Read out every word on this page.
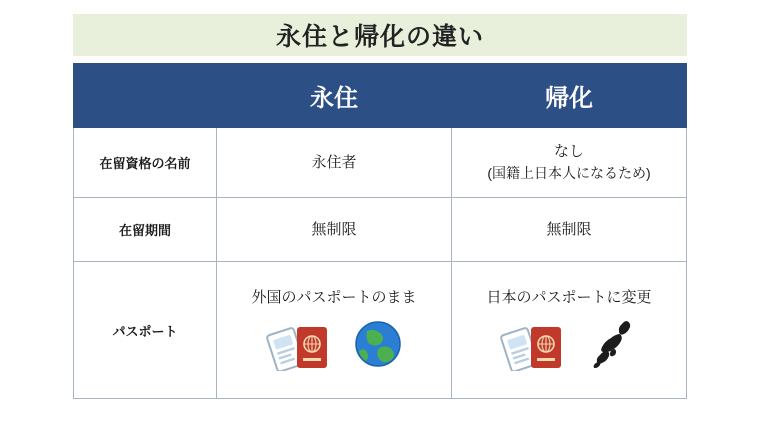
永住と帰化の違い
	永住	帰化
在留資格の名前	永住者	なし
(国籍上日本人になるため)

在留期間	無制限	無制限
パスポート	外国のパスポートのまま	日本のパスポートに変更
